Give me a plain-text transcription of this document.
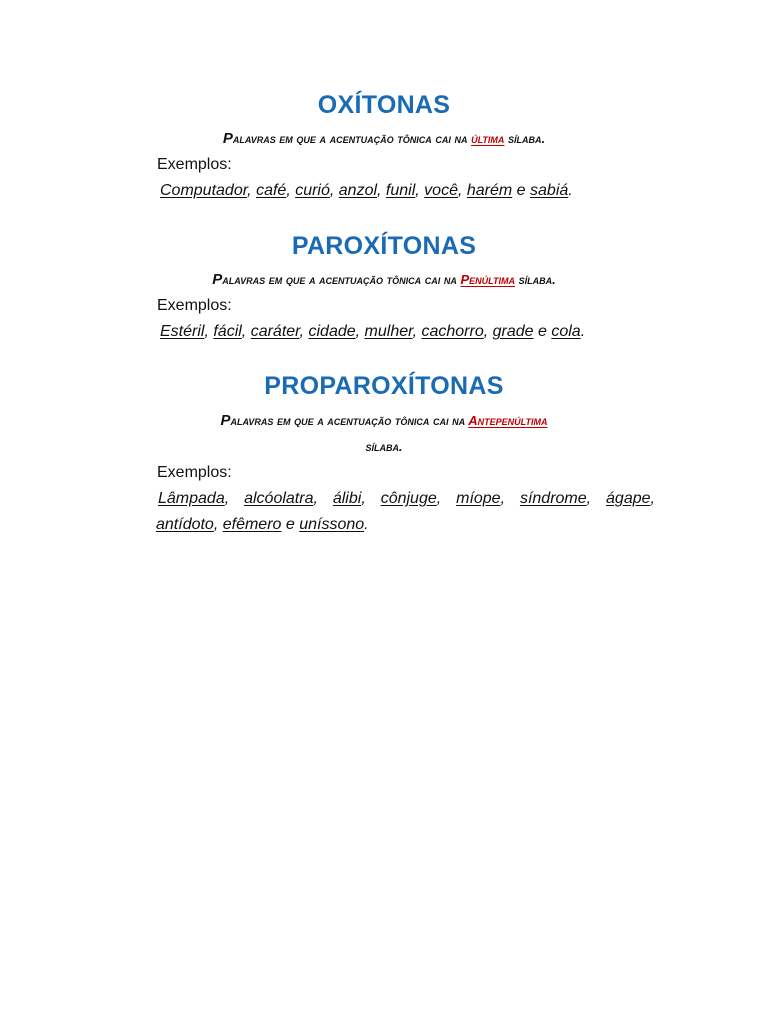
OXÍTONAS
Palavras em que a acentuação tônica cai na última sílaba.
Exemplos:
Computador, café, curió, anzol, funil, você, harém e sabiá.
PAROXÍTONAS
Palavras em que a acentuação tônica cai na Penúltima sílaba.
Exemplos:
Estéril, fácil, caráter, cidade, mulher, cachorro, grade e cola.
PROPAROXÍTONAS
Palavras em que a acentuação tônica cai na Antepenúltima
sílaba.
Exemplos:
Lâmpada, alcóolatra, álibi, cônjuge, míope, síndrome, ágape,
antídoto, efêmero e uníssono.
